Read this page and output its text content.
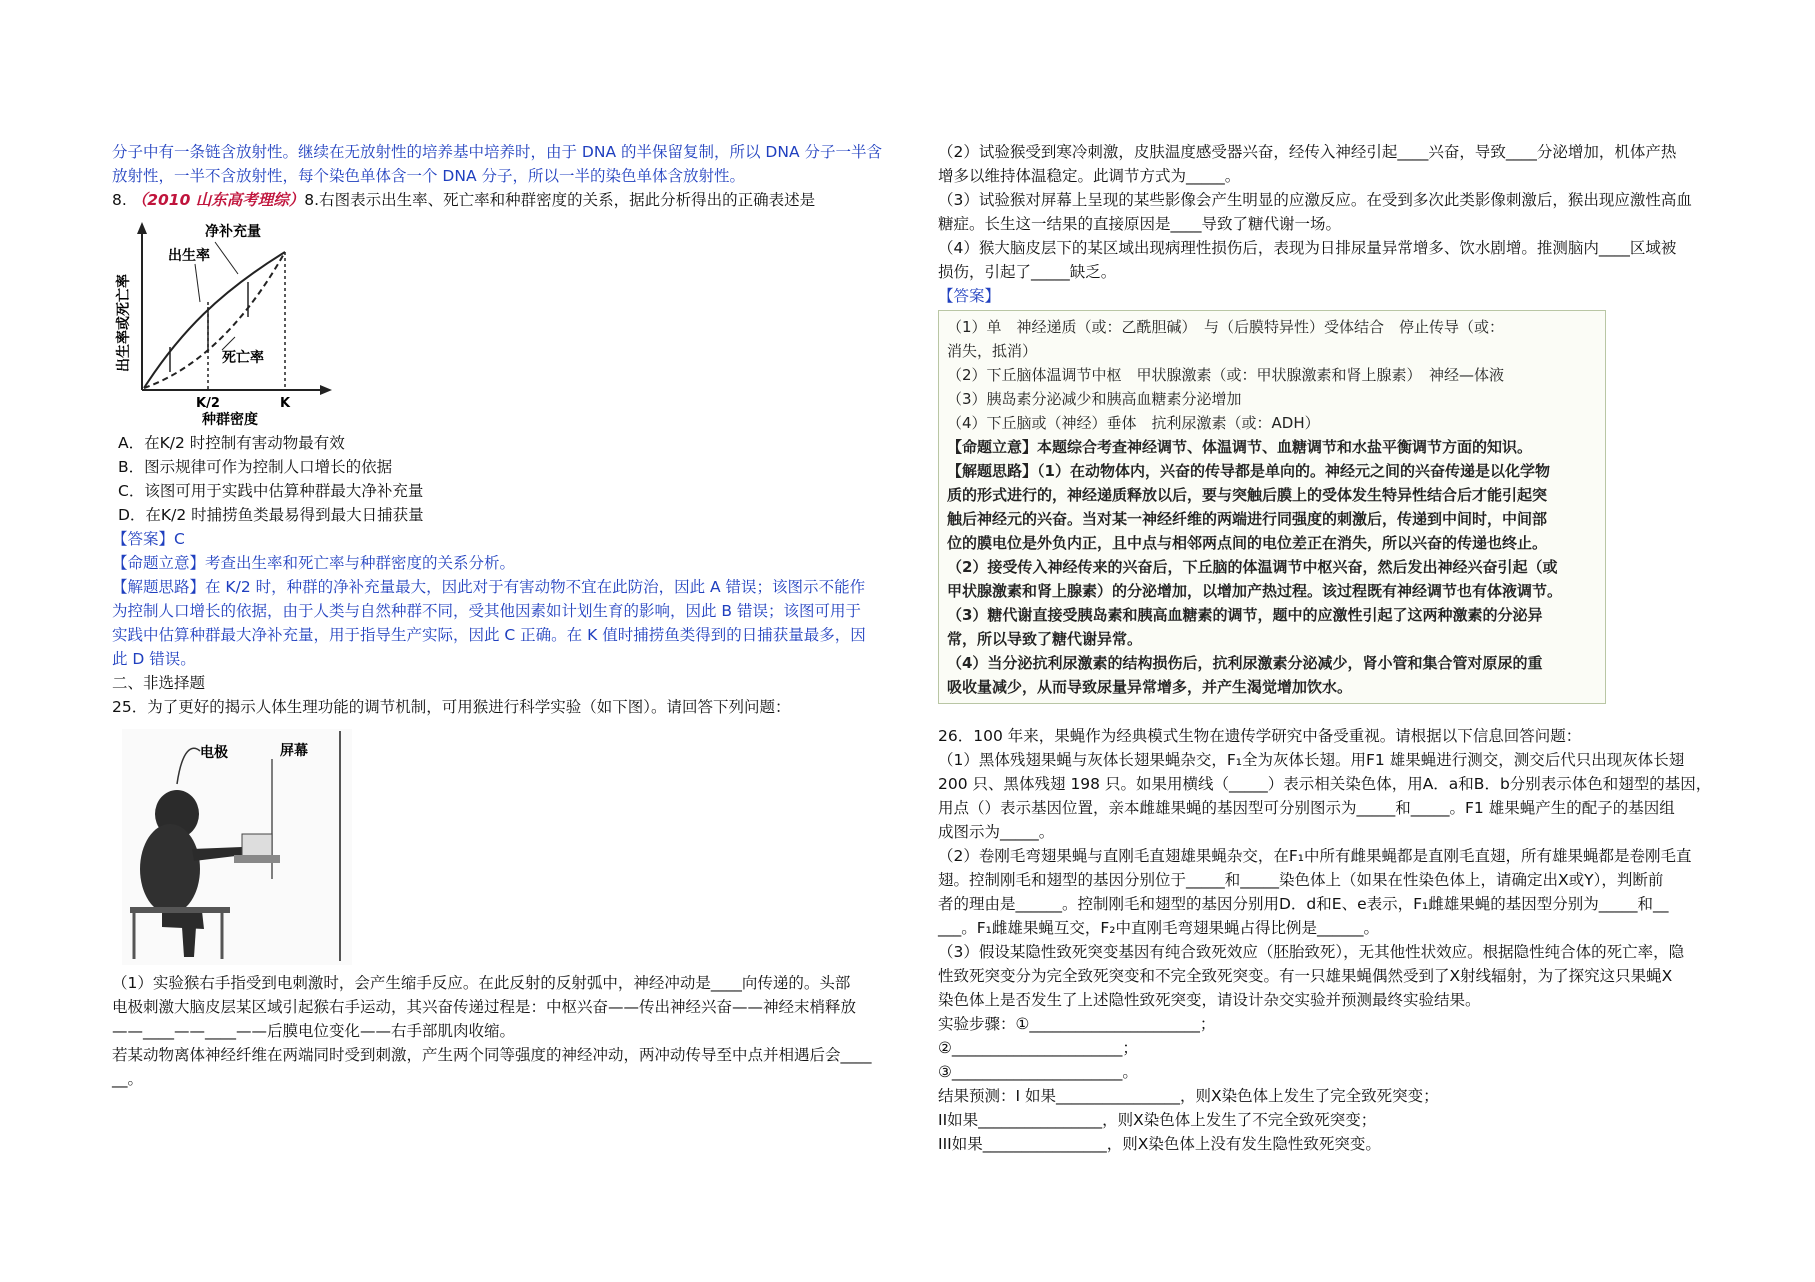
分子中有一条链含放射性。继续在无放射性的培养基中培养时，由于 DNA 的半保留复制，所以 DNA 分子一半含

放射性，一半不含放射性，每个染色单体含一个 DNA 分子，所以一半的染色单体含放射性。

8. （2010 山东高考理综）8.右图表示出生率、死亡率和种群密度的关系，据此分析得出的正确表述是

净补充量
出生率
死亡率
出生率或死亡率
K/2	K
种群密度

A．在K/2 时控制有害动物最有效

B．图示规律可作为控制人口增长的依据

C．该图可用于实践中估算种群最大净补充量

D．在K/2 时捕捞鱼类最易得到最大日捕获量

【答案】C

【命题立意】考查出生率和死亡率与种群密度的关系分析。

【解题思路】在 K/2 时，种群的净补充量最大，因此对于有害动物不宜在此防治，因此 A 错误；该图示不能作

为控制人口增长的依据，由于人类与自然种群不同，受其他因素如计划生育的影响，因此 B 错误；该图可用于

实践中估算种群最大净补充量，用于指导生产实际，因此 C 正确。在 K 值时捕捞鱼类得到的日捕获量最多，因

此 D 错误。

二、非选择题

25．为了更好的揭示人体生理功能的调节机制，可用猴进行科学实验（如下图）。请回答下列问题：

电极	屏幕

（1）实验猴右手指受到电刺激时，会产生缩手反应。在此反射的反射弧中，神经冲动是____向传递的。头部

电极刺激大脑皮层某区域引起猴右手运动，其兴奋传递过程是：中枢兴奋——传出神经兴奋——神经末梢释放

——____——____——后膜电位变化——右手部肌肉收缩。

若某动物离体神经纤维在两端同时受到刺激，产生两个同等强度的神经冲动，两冲动传导至中点并相遇后会____

__。

（2）试验猴受到寒冷刺激，皮肤温度感受器兴奋，经传入神经引起____兴奋，导致____分泌增加，机体产热

增多以维持体温稳定。此调节方式为_____。

（3）试验猴对屏幕上呈现的某些影像会产生明显的应激反应。在受到多次此类影像刺激后，猴出现应激性高血

糖症。长生这一结果的直接原因是____导致了糖代谢一场。

（4）猴大脑皮层下的某区域出现病理性损伤后，表现为日排尿量异常增多、饮水剧增。推测脑内____区域被

损伤，引起了_____缺乏。

【答案】

（1）单　神经递质（或：乙酰胆碱）　与（后膜特异性）受体结合　停止传导（或：

消失，抵消）

（2）下丘脑体温调节中枢　甲状腺激素（或：甲状腺激素和肾上腺素）　神经—体液

（3）胰岛素分泌减少和胰高血糖素分泌增加

（4）下丘脑或（神经）垂体　抗利尿激素（或：ADH）

【命题立意】本题综合考查神经调节、体温调节、血糖调节和水盐平衡调节方面的知识。

【解题思路】（1）在动物体内，兴奋的传导都是单向的。神经元之间的兴奋传递是以化学物

质的形式进行的，神经递质释放以后，要与突触后膜上的受体发生特异性结合后才能引起突

触后神经元的兴奋。当对某一神经纤维的两端进行同强度的刺激后，传递到中间时，中间部

位的膜电位是外负内正，且中点与相邻两点间的电位差正在消失，所以兴奋的传递也终止。

（2）接受传入神经传来的兴奋后，下丘脑的体温调节中枢兴奋，然后发出神经兴奋引起（或

甲状腺激素和肾上腺素）的分泌增加，以增加产热过程。该过程既有神经调节也有体液调节。

（3）糖代谢直接受胰岛素和胰高血糖素的调节，题中的应激性引起了这两种激素的分泌异

常，所以导致了糖代谢异常。

（4）当分泌抗利尿激素的结构损伤后，抗利尿激素分泌减少，肾小管和集合管对原尿的重

吸收量减少，从而导致尿量异常增多，并产生渴觉增加饮水。

26．100 年来，果蝇作为经典模式生物在遗传学研究中备受重视。请根据以下信息回答问题：

（1）黑体残翅果蝇与灰体长翅果蝇杂交，F₁全为灰体长翅。用F1 雄果蝇进行测交，测交后代只出现灰体长翅

200 只、黑体残翅 198 只。如果用横线（_____）表示相关染色体，用A．a和B．b分别表示体色和翅型的基因，

用点（）表示基因位置，亲本雌雄果蝇的基因型可分别图示为_____和_____。F1 雄果蝇产生的配子的基因组

成图示为_____。

（2）卷刚毛弯翅果蝇与直刚毛直翅雄果蝇杂交，在F₁中所有雌果蝇都是直刚毛直翅，所有雄果蝇都是卷刚毛直

翅。控制刚毛和翅型的基因分别位于_____和_____染色体上（如果在性染色体上，请确定出X或Y），判断前

者的理由是______。控制刚毛和翅型的基因分别用D．d和E、e表示，F₁雌雄果蝇的基因型分别为_____和__

___。F₁雌雄果蝇互交，F₂中直刚毛弯翅果蝇占得比例是______。

（3）假设某隐性致死突变基因有纯合致死效应（胚胎致死），无其他性状效应。根据隐性纯合体的死亡率，隐

性致死突变分为完全致死突变和不完全致死突变。有一只雄果蝇偶然受到了X射线辐射，为了探究这只果蝇X

染色体上是否发生了上述隐性致死突变，请设计杂交实验并预测最终实验结果。

实验步骤：①______________________；

②______________________；

③______________________。

结果预测：I 如果________________，则X染色体上发生了完全致死突变；

II如果________________，则X染色体上发生了不完全致死突变；

III如果________________，则X染色体上没有发生隐性致死突变。
